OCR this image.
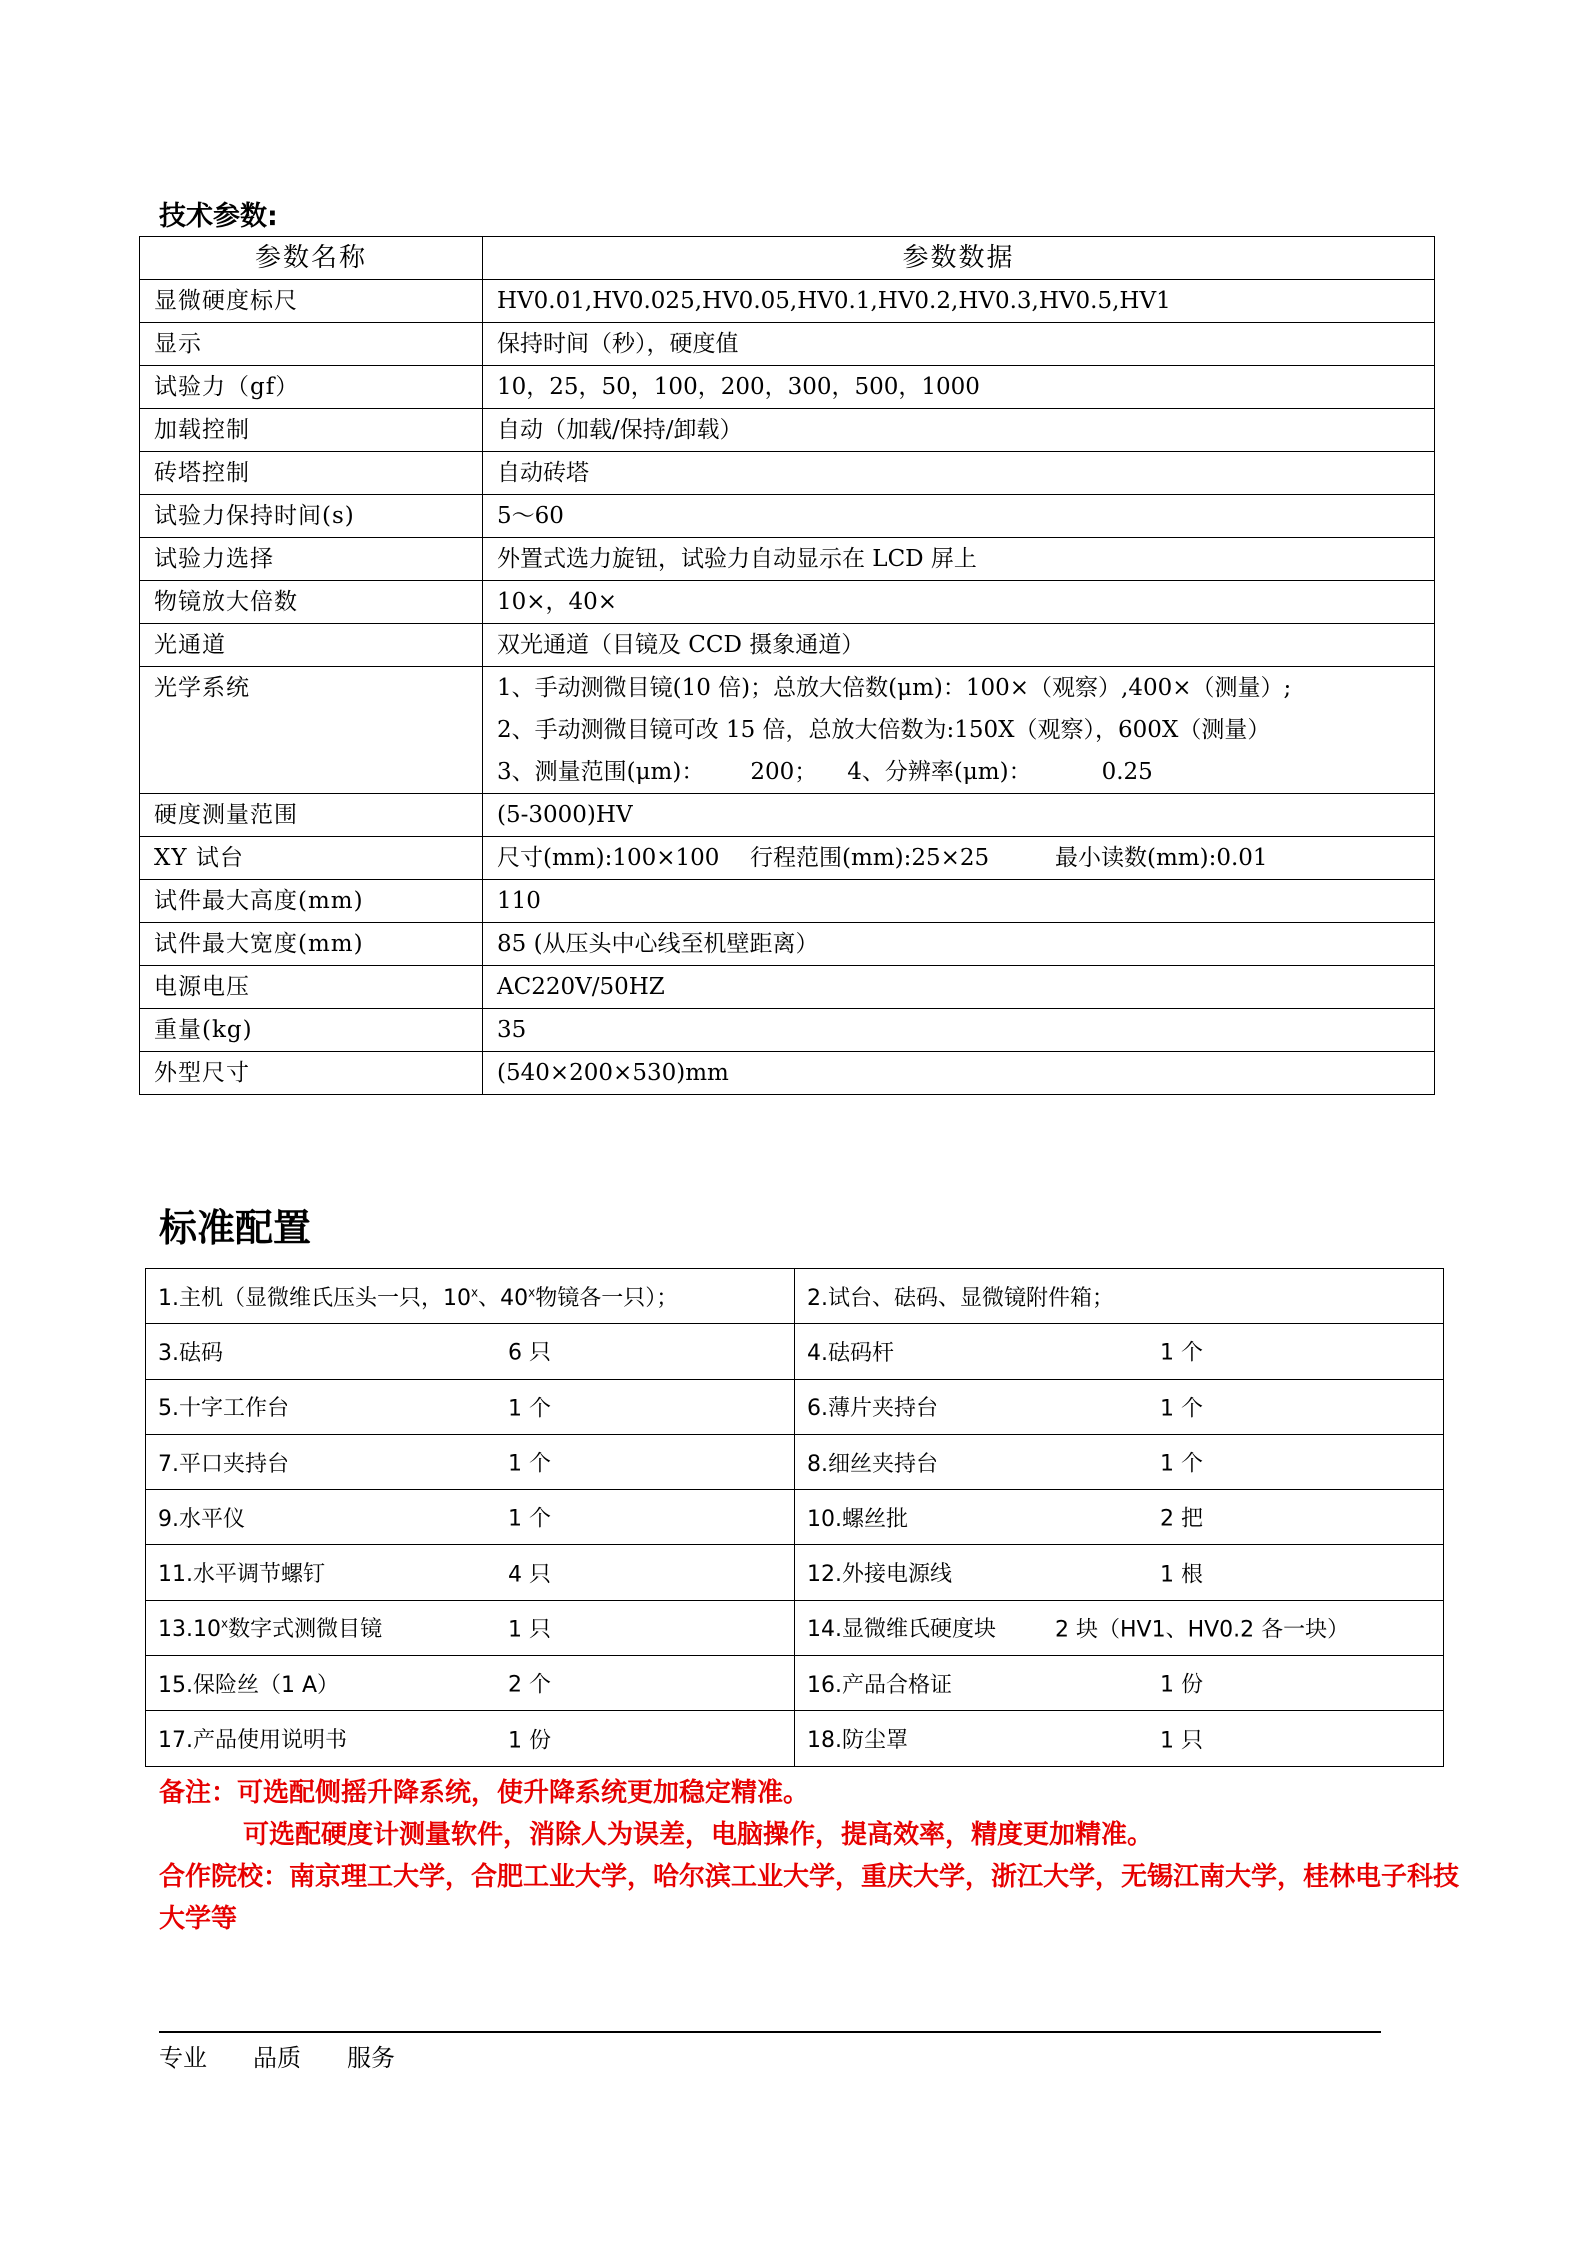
技术参数:
参数名称	参数数据
显微硬度标尺	HV0.01,HV0.025,HV0.05,HV0.1,HV0.2,HV0.3,HV0.5,HV1
显示	保持时间（秒），硬度值
试验力（gf）	10，25，50，100，200，300，500，1000
加载控制	自动（加载/保持/卸载）
砖塔控制	自动砖塔
试验力保持时间(s)	5～60
试验力选择	外置式选力旋钮，试验力自动显示在 LCD 屏上
物镜放大倍数	10×，40×
光通道	双光通道（目镜及 CCD 摄象通道）

光学系统	1、手动测微目镜(10 倍)；总放大倍数(μm)：100×（观察）,400×（测量）;
2、手动测微目镜可改 15 倍，总放大倍数为:150X（观察），600X（测量）
3、测量范围(μm)： 200； 4、分辨率(μm)： 0.25

硬度测量范围	(5-3000)HV
XY 试台	尺寸(mm):100×100 行程范围(mm):25×25 最小读数(mm):0.01
试件最大高度(mm)	110
试件最大宽度(mm)	85 (从压头中心线至机壁距离）
电源电压	AC220V/50HZ
重量(kg)	35
外型尺寸	(540×200×530)mm
标准配置
1.主机（显微维氏压头一只，10$^x$、40$^x$物镜各一只）；	2.试台、砝码、显微镜附件箱；
3.砝码 6 只	4.砝码杆 1 个

5.十字工作台 1 个	6.薄片夹持台 1 个

7.平口夹持台 1 个	8.细丝夹持台 1 个

9.水平仪 1 个	10.螺丝批 2 把

11.水平调节螺钉 4 只	12.外接电源线 1 根

13.10$^x$数字式测微目镜 1 只	14.显微维氏硬度块 2 块（HV1、HV0.2 各一块）

15.保险丝（1 A） 2 个	16.产品合格证 1 份

17.产品使用说明书 1 份	18.防尘罩 1 只
备注：可选配侧摇升降系统，使升降系统更加稳定精准。
可选配硬度计测量软件，消除人为误差，电脑操作，提高效率，精度更加精准。
合作院校：南京理工大学，合肥工业大学，哈尔滨工业大学，重庆大学，浙江大学，无锡江南大学，桂林电子科技大学等
专业 品质 服务
